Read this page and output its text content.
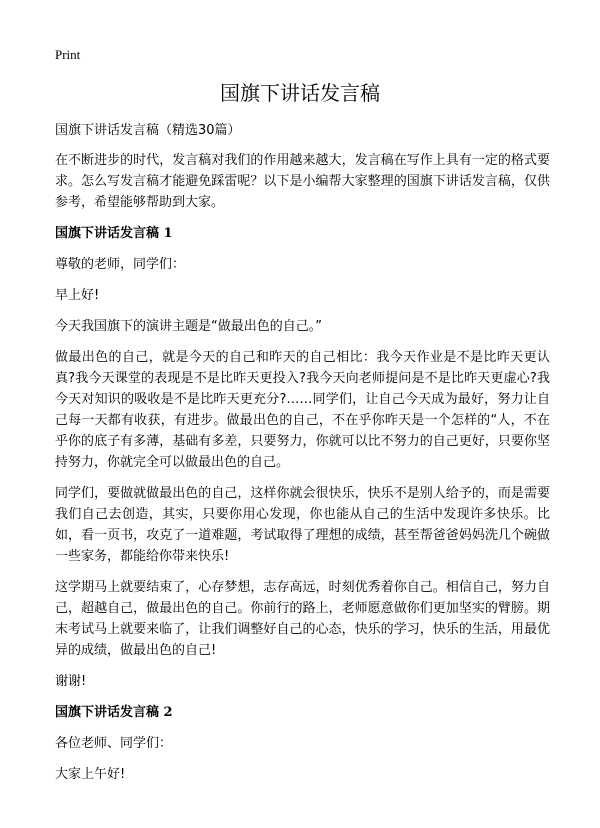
Print
国旗下讲话发言稿
国旗下讲话发言稿（精选30篇）

在不断进步的时代，发言稿对我们的作用越来越大，发言稿在写作上具有一定的格式要求。怎么写发言稿才能避免踩雷呢？以下是小编帮大家整理的国旗下讲话发言稿，仅供参考，希望能够帮助到大家。

国旗下讲话发言稿 1

尊敬的老师，同学们：

早上好!

今天我国旗下的演讲主题是“做最出色的自己。”

做最出色的自己，就是今天的自己和昨天的自己相比：我今天作业是不是比昨天更认真?我今天课堂的表现是不是比昨天更投入?我今天向老师提问是不是比昨天更虚心?我今天对知识的吸收是不是比昨天更充分?……同学们，让自己今天成为最好，努力让自己每一天都有收获，有进步。做最出色的自己，不在乎你昨天是一个怎样的“人，不在乎你的底子有多薄，基础有多差，只要努力，你就可以比不努力的自己更好，只要你坚持努力，你就完全可以做最出色的自己。

同学们，要做就做最出色的自己，这样你就会很快乐，快乐不是别人给予的，而是需要我们自己去创造，其实，只要你用心发现，你也能从自己的生活中发现许多快乐。比如，看一页书，攻克了一道难题，考试取得了理想的成绩，甚至帮爸爸妈妈洗几个碗做一些家务，都能给你带来快乐!

这学期马上就要结束了，心存梦想，志存高远，时刻优秀着你自己。相信自己，努力自己，超越自己，做最出色的自己。你前行的路上，老师愿意做你们更加坚实的臂膀。期末考试马上就要来临了，让我们调整好自己的心态，快乐的学习，快乐的生活，用最优异的成绩，做最出色的自己!

谢谢!

国旗下讲话发言稿 2

各位老师、同学们：

大家上午好!
